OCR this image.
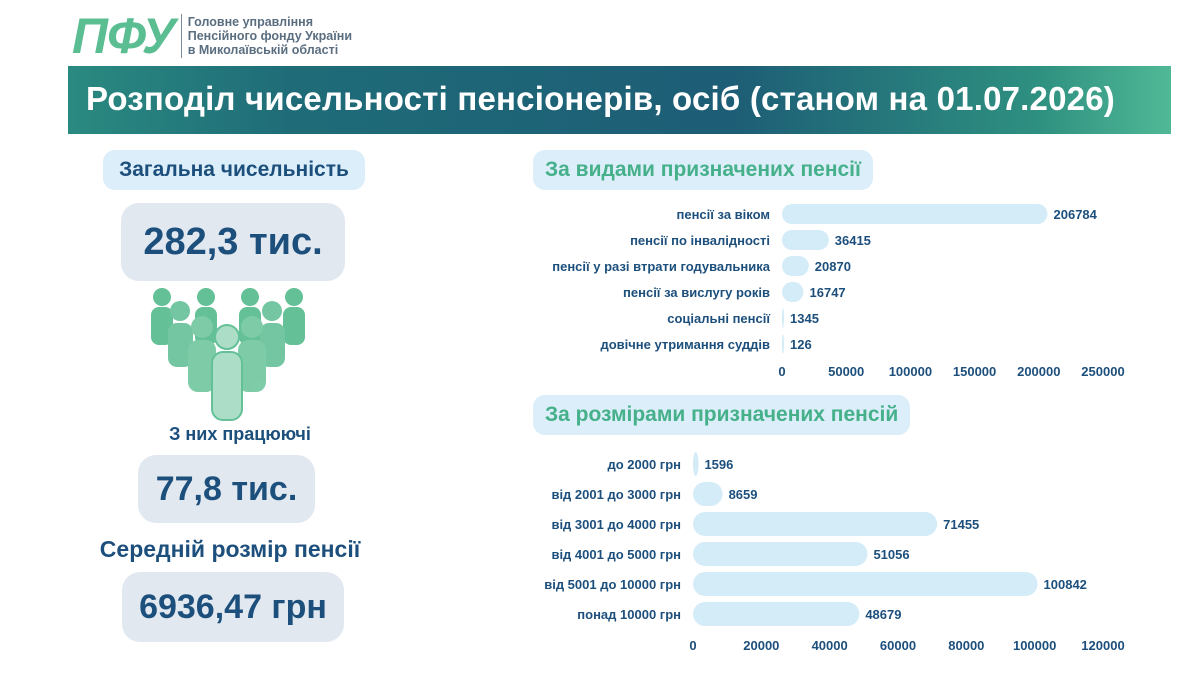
ПФУ Головне управління
Пенсійного фонду України
в Миколаївській області
Розподіл чисельності пенсіонерів, осіб (станом на 01.07.2026)
Загальна чисельність
282,3 тис.
З них працюючі
77,8 тис.
Середній розмір пенсії
6936,47 грн
За видами призначених пенсії
За розмірами призначених пенсій
пенсії за віком	206784
пенсії по інвалідності	36415
пенсії у разі втрати годувальника	20870
пенсії за вислугу років	16747
соціальні пенсії 1345
довічне утримання суддів 126
0	50000 100000 150000 200000 250000
до 2000 грн 1596
від 2001 до 3000 грн	8659
від 3001 до 4000 грн	71455
від 4001 до 5000 грн	51056
від 5001 до 10000 грн	100842
понад 10000 грн	48679
0	20000 40000 60000 80000 100000 120000
